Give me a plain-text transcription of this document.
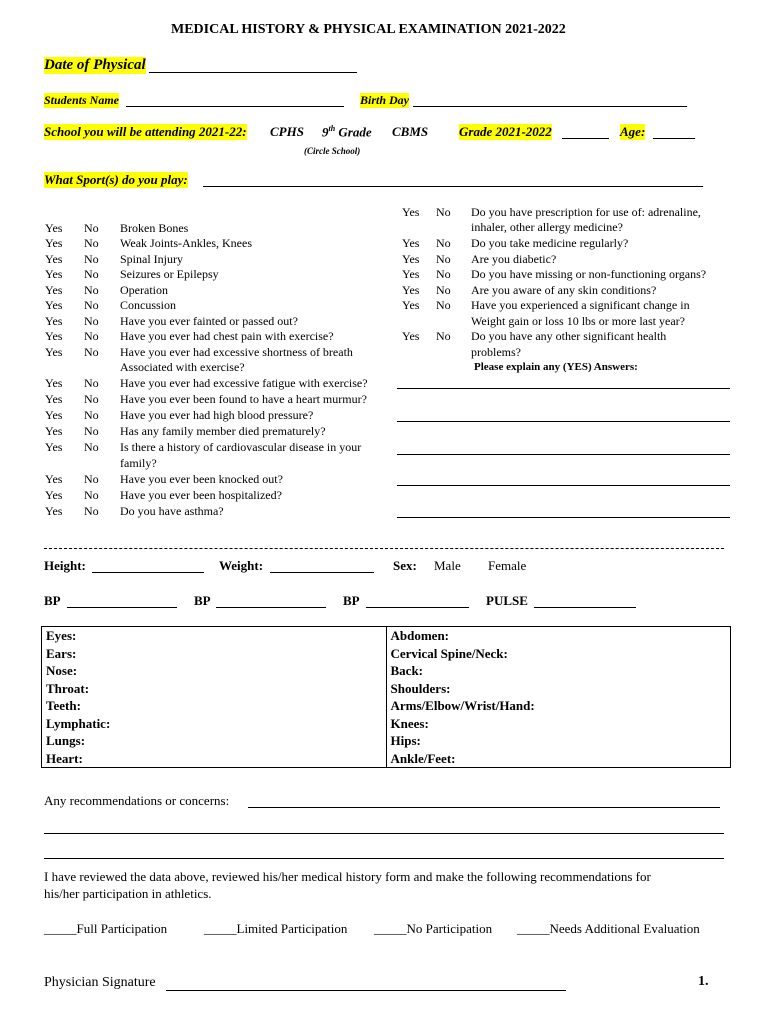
MEDICAL HISTORY & PHYSICAL EXAMINATION 2021-2022
Date of Physical
Students Name	Birth Day
School you will be attending 2021-22: CPHS 9th Grade CBMS Grade 2021-2022	Age:
(Circle School)
What Sport(s) do you play:
Yes No Broken Bones
Yes No Weak Joints-Ankles, Knees
Yes No Spinal Injury
Yes No Seizures or Epilepsy
Yes No Operation
Yes No Concussion
Yes No Have you ever fainted or passed out?
Yes No Have you ever had chest pain with exercise?
Yes No Have you ever had excessive shortness of breath
Associated with exercise?
Yes No Have you ever had excessive fatigue with exercise?
Yes No Have you ever been found to have a heart murmur?
Yes No Have you ever had high blood pressure?
Yes No Has any family member died prematurely?
Yes No Is there a history of cardiovascular disease in your
family?
Yes No Have you ever been knocked out?
Yes No Have you ever been hospitalized?
Yes No Do you have asthma?
Yes No Do you have prescription for use of: adrenaline,
inhaler, other allergy medicine?
Yes No Do you take medicine regularly?
Yes No Are you diabetic?
Yes No Do you have missing or non-functioning organs?
Yes No Are you aware of any skin conditions?
Yes No Have you experienced a significant change in
Weight gain or loss 10 lbs or more last year?
Yes No Do you have any other significant health
problems?
Please explain any (YES) Answers:
Height:	Weight:	Sex: Male Female
BP	BP	BP	PULSE
Eyes:	Abdomen:
Ears:	Cervical Spine/Neck:
Nose:	Back:
Throat:	Shoulders:
Teeth:	Arms/Elbow/Wrist/Hand:
Lymphatic:	Knees:
Lungs:	Hips:
Heart:	Ankle/Feet:
Any recommendations or concerns:
I have reviewed the data above, reviewed his/her medical history form and make the following recommendations for
his/her participation in athletics.
_____Full Participation	_____Limited Participation _____No Participation _____Needs Additional Evaluation
Physician Signature	1.
